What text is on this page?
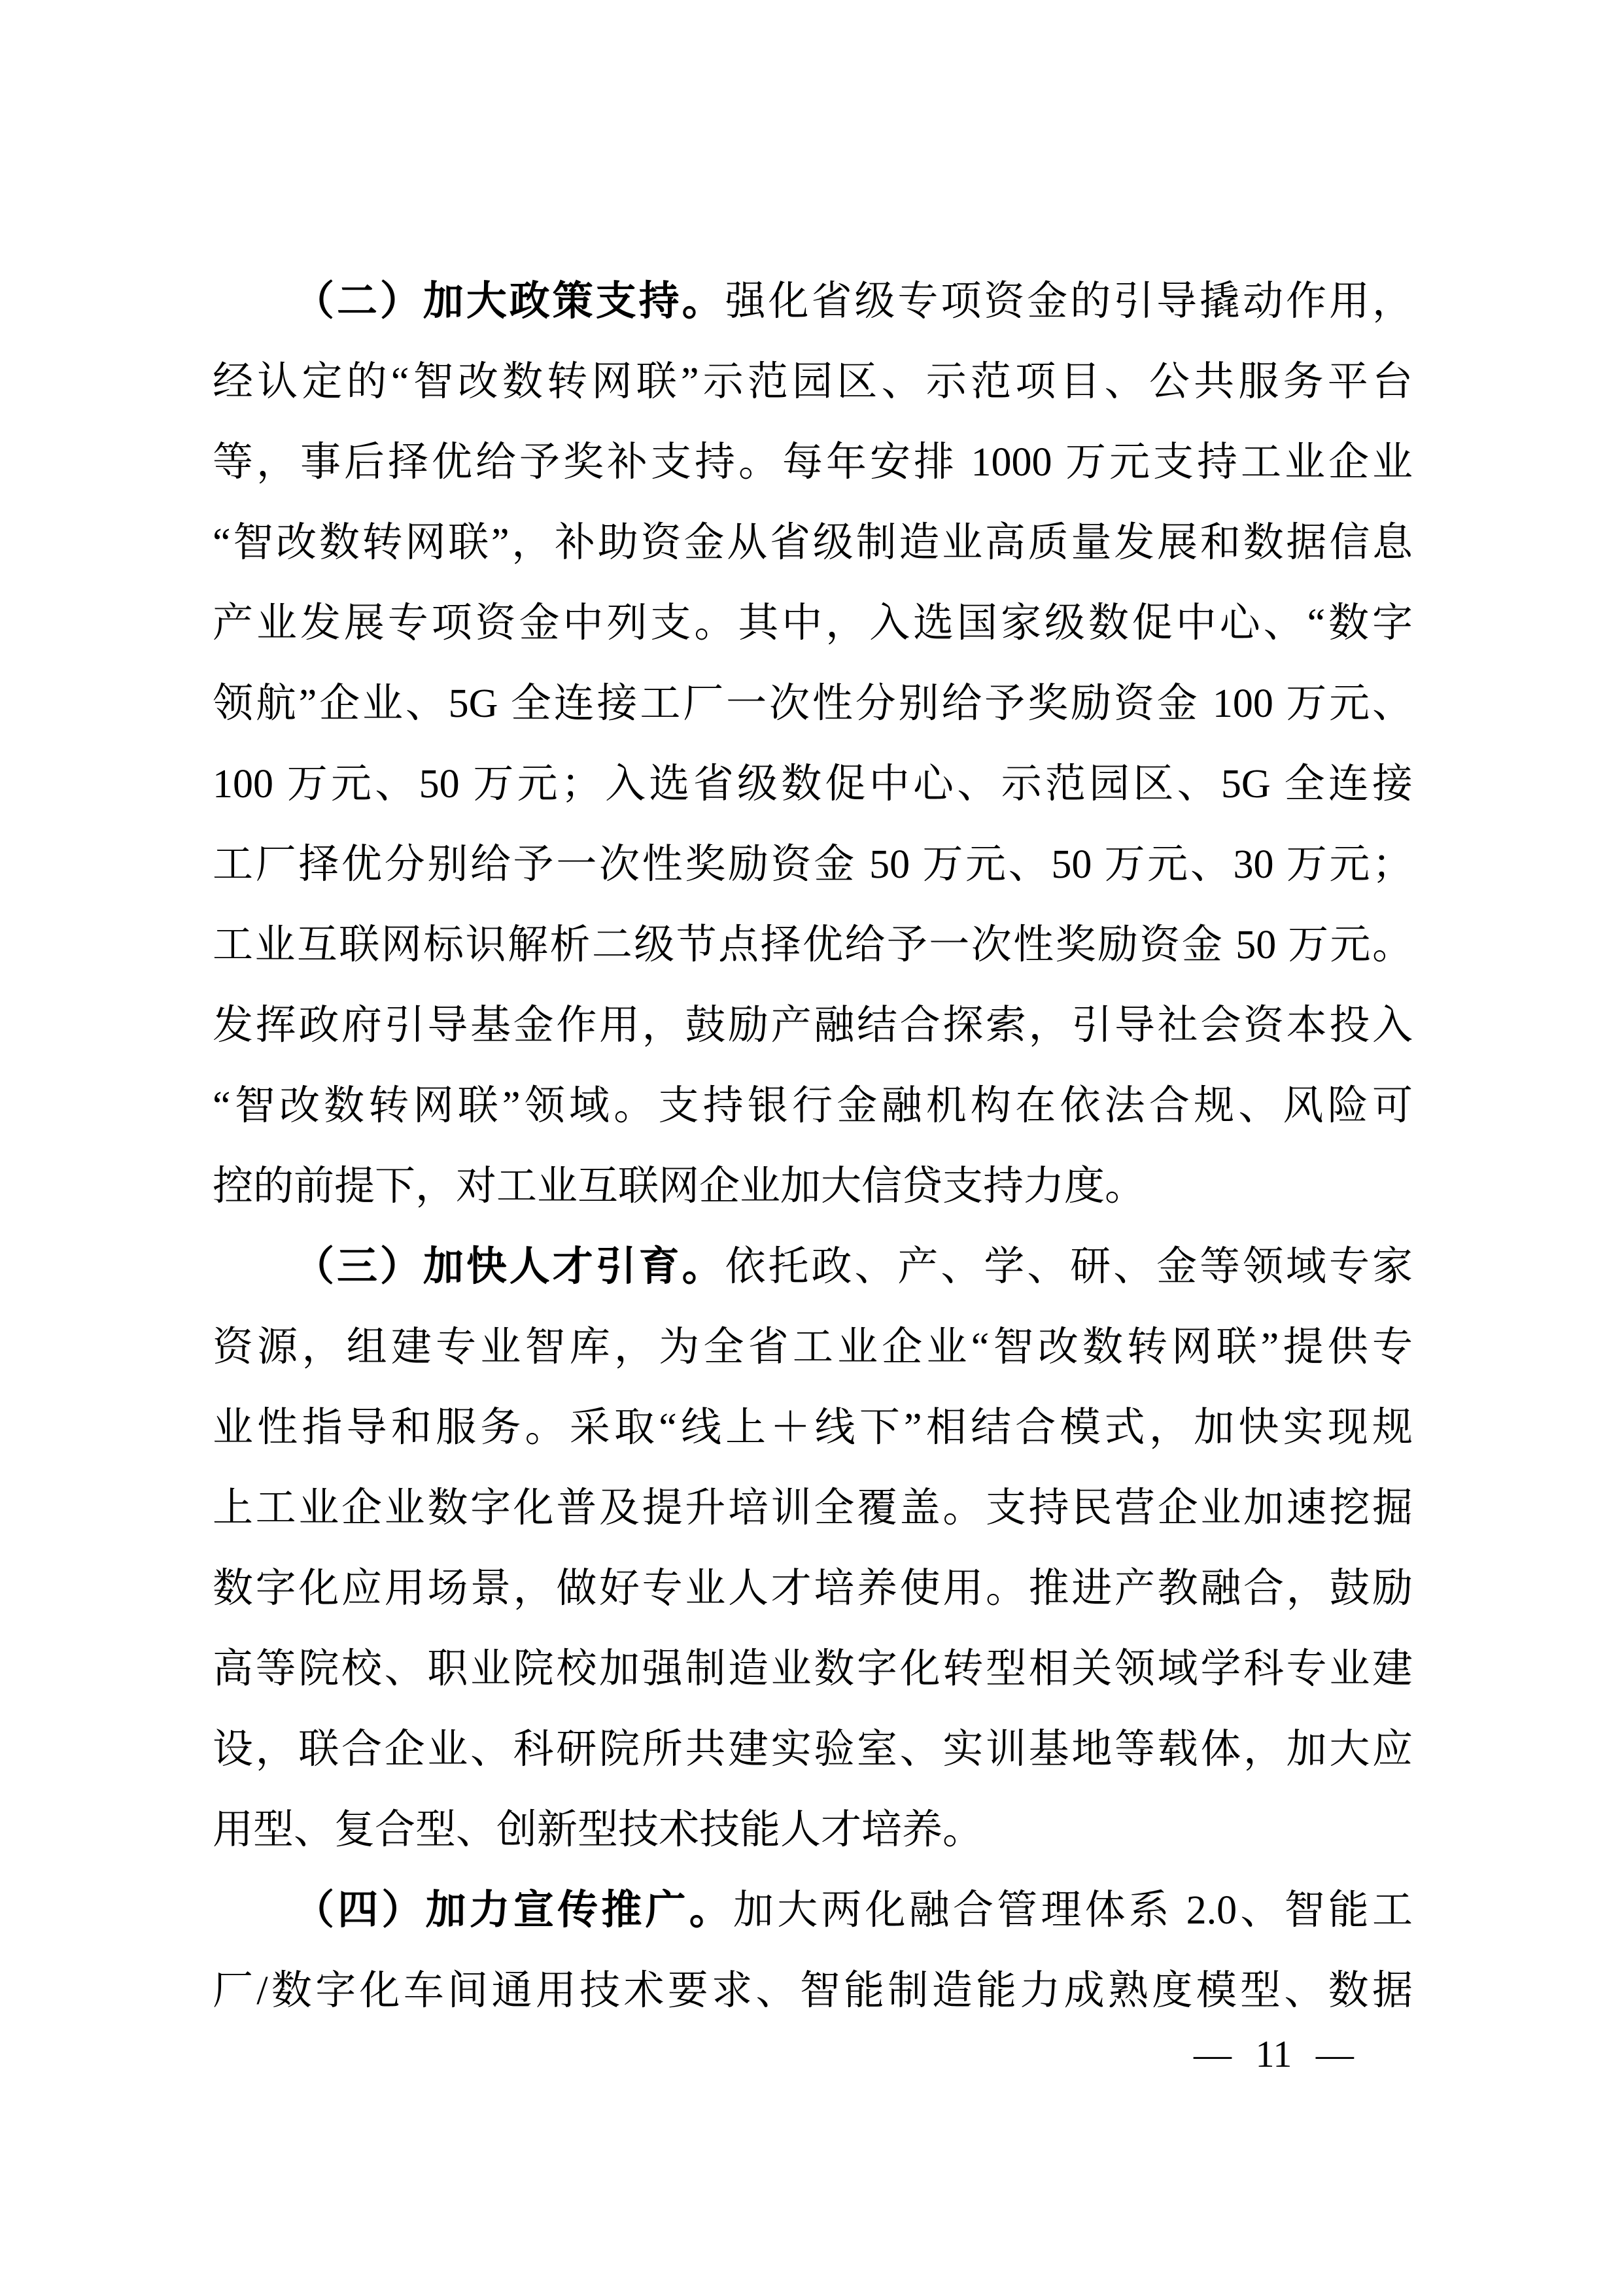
（二）加大政策支持。强化省级专项资金的引导撬动作用，
经认定的“智改数转网联”示范园区、示范项目、公共服务平台
等，事后择优给予奖补支持。每年安排 1000 万元支持工业企业
“智改数转网联”，补助资金从省级制造业高质量发展和数据信息
产业发展专项资金中列支。其中，入选国家级数促中心、“数字
领航”企业、5G 全连接工厂一次性分别给予奖励资金 100 万元、
100 万元、50 万元；入选省级数促中心、示范园区、5G 全连接
工厂择优分别给予一次性奖励资金 50 万元、50 万元、30 万元；
工业互联网标识解析二级节点择优给予一次性奖励资金 50 万元。
发挥政府引导基金作用，鼓励产融结合探索，引导社会资本投入
“智改数转网联”领域。支持银行金融机构在依法合规、风险可
控的前提下，对工业互联网企业加大信贷支持力度。
（三）加快人才引育。依托政、产、学、研、金等领域专家
资源，组建专业智库，为全省工业企业“智改数转网联”提供专
业性指导和服务。采取“线上＋线下”相结合模式，加快实现规
上工业企业数字化普及提升培训全覆盖。支持民营企业加速挖掘
数字化应用场景，做好专业人才培养使用。推进产教融合，鼓励
高等院校、职业院校加强制造业数字化转型相关领域学科专业建
设，联合企业、科研院所共建实验室、实训基地等载体，加大应
用型、复合型、创新型技术技能人才培养。
（四）加力宣传推广。加大两化融合管理体系 2.0、智能工
厂/数字化车间通用技术要求、智能制造能力成熟度模型、数据
— 11 —
